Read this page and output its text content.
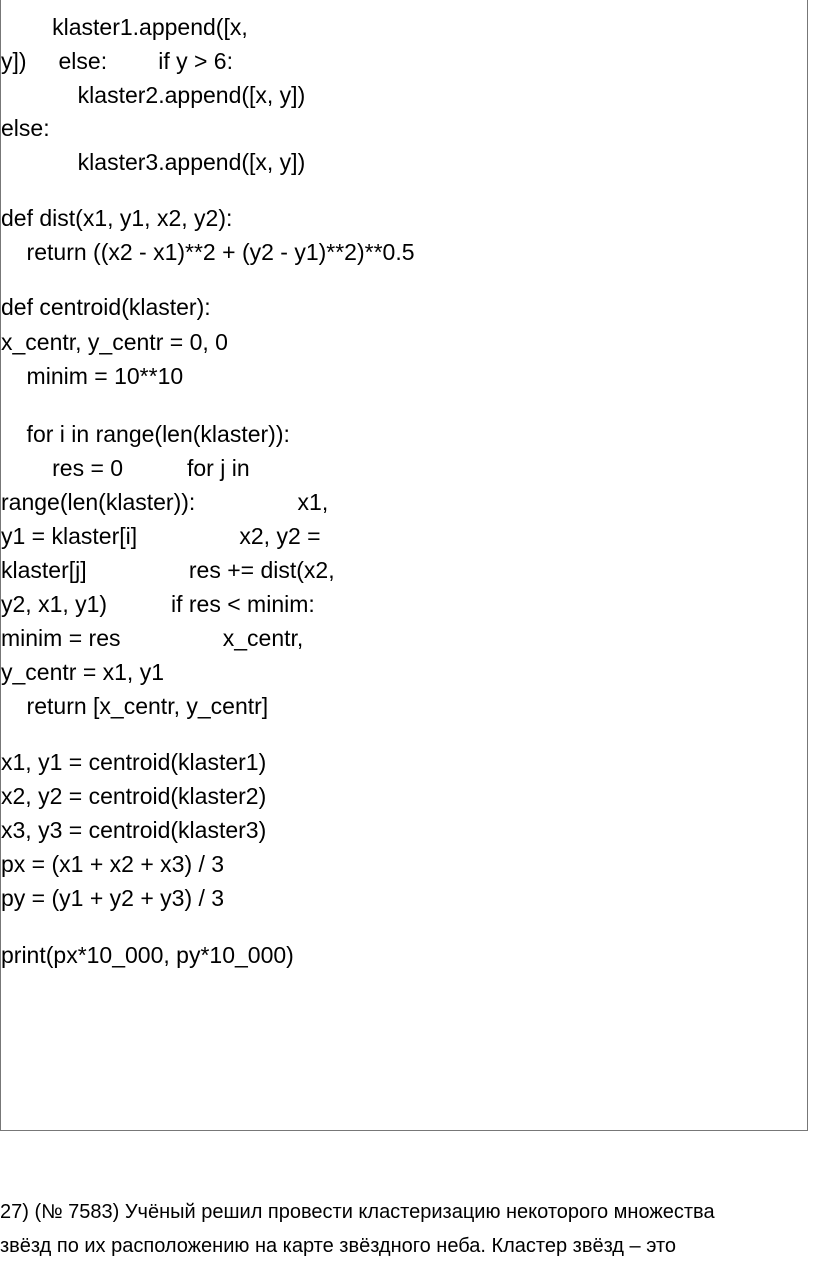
klaster1.append([x,

y])     else:        if y > 6:

klaster2.append([x, y])

else:

klaster3.append([x, y])

def dist(x1, y1, x2, y2):

return ((x2 - x1)**2 + (y2 - y1)**2)**0.5

def centroid(klaster):

x_centr, y_centr = 0, 0

minim = 10**10

for i in range(len(klaster)):

res = 0          for j in

range(len(klaster)):                x1,

y1 = klaster[i]                x2, y2 =

klaster[j]                res += dist(x2,

y2, x1, y1)          if res < minim:

minim = res                x_centr,

y_centr = x1, y1

return [x_centr, y_centr]

x1, y1 = centroid(klaster1)

x2, y2 = centroid(klaster2)

x3, y3 = centroid(klaster3)

px = (x1 + x2 + x3) / 3

py = (y1 + y2 + y3) / 3

print(px*10_000, py*10_000)

27) (№ 7583) Учёный решил провести кластеризацию некоторого множества
звёзд по их расположению на карте звёздного неба. Кластер звёзд – это
